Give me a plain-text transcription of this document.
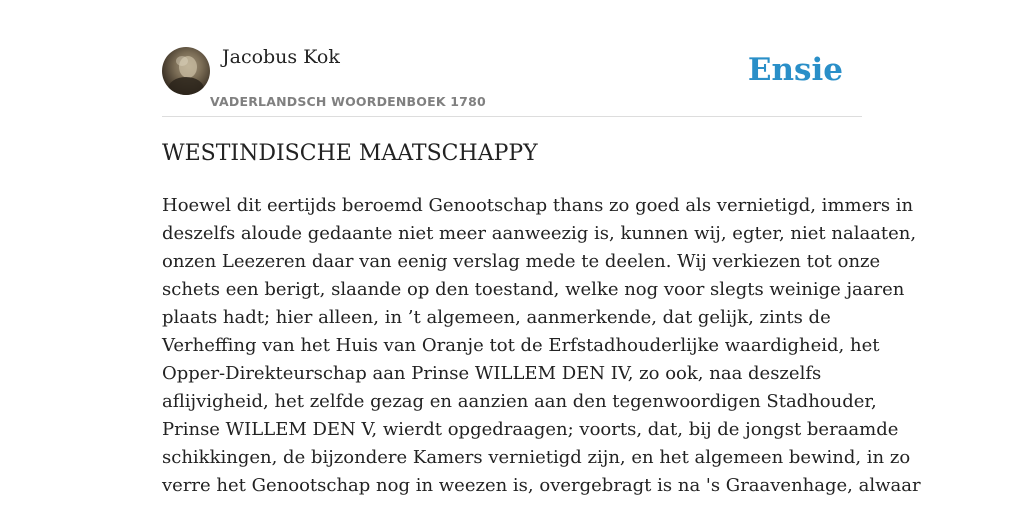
Jacobus Kok
VADERLANDSCH WOORDENBOEK 1780
Ensie
WESTINDISCHE MAATSCHAPPY
Hoewel dit eertijds beroemd Genootschap thans zo goed als vernietigd, immers in
deszelfs aloude gedaante niet meer aanweezig is, kunnen wij, egter, niet nalaaten,
onzen Leezeren daar van eenig verslag mede te deelen. Wij verkiezen tot onze
schets een berigt, slaande op den toestand, welke nog voor slegts weinige jaaren
plaats hadt; hier alleen, in ’t algemeen, aanmerkende, dat gelijk, zints de
Verheffing van het Huis van Oranje tot de Erfstadhouderlijke waardigheid, het
Opper-Direkteurschap aan Prinse WILLEM DEN IV, zo ook, naa deszelfs
aflijvigheid, het zelfde gezag en aanzien aan den tegenwoordigen Stadhouder,
Prinse WILLEM DEN V, wierdt opgedraagen; voorts, dat, bij de jongst beraamde
schikkingen, de bijzondere Kamers vernietigd zijn, en het algemeen bewind, in zo
verre het Genootschap nog in weezen is, overgebragt is na 's Graavenhage, alwaar
